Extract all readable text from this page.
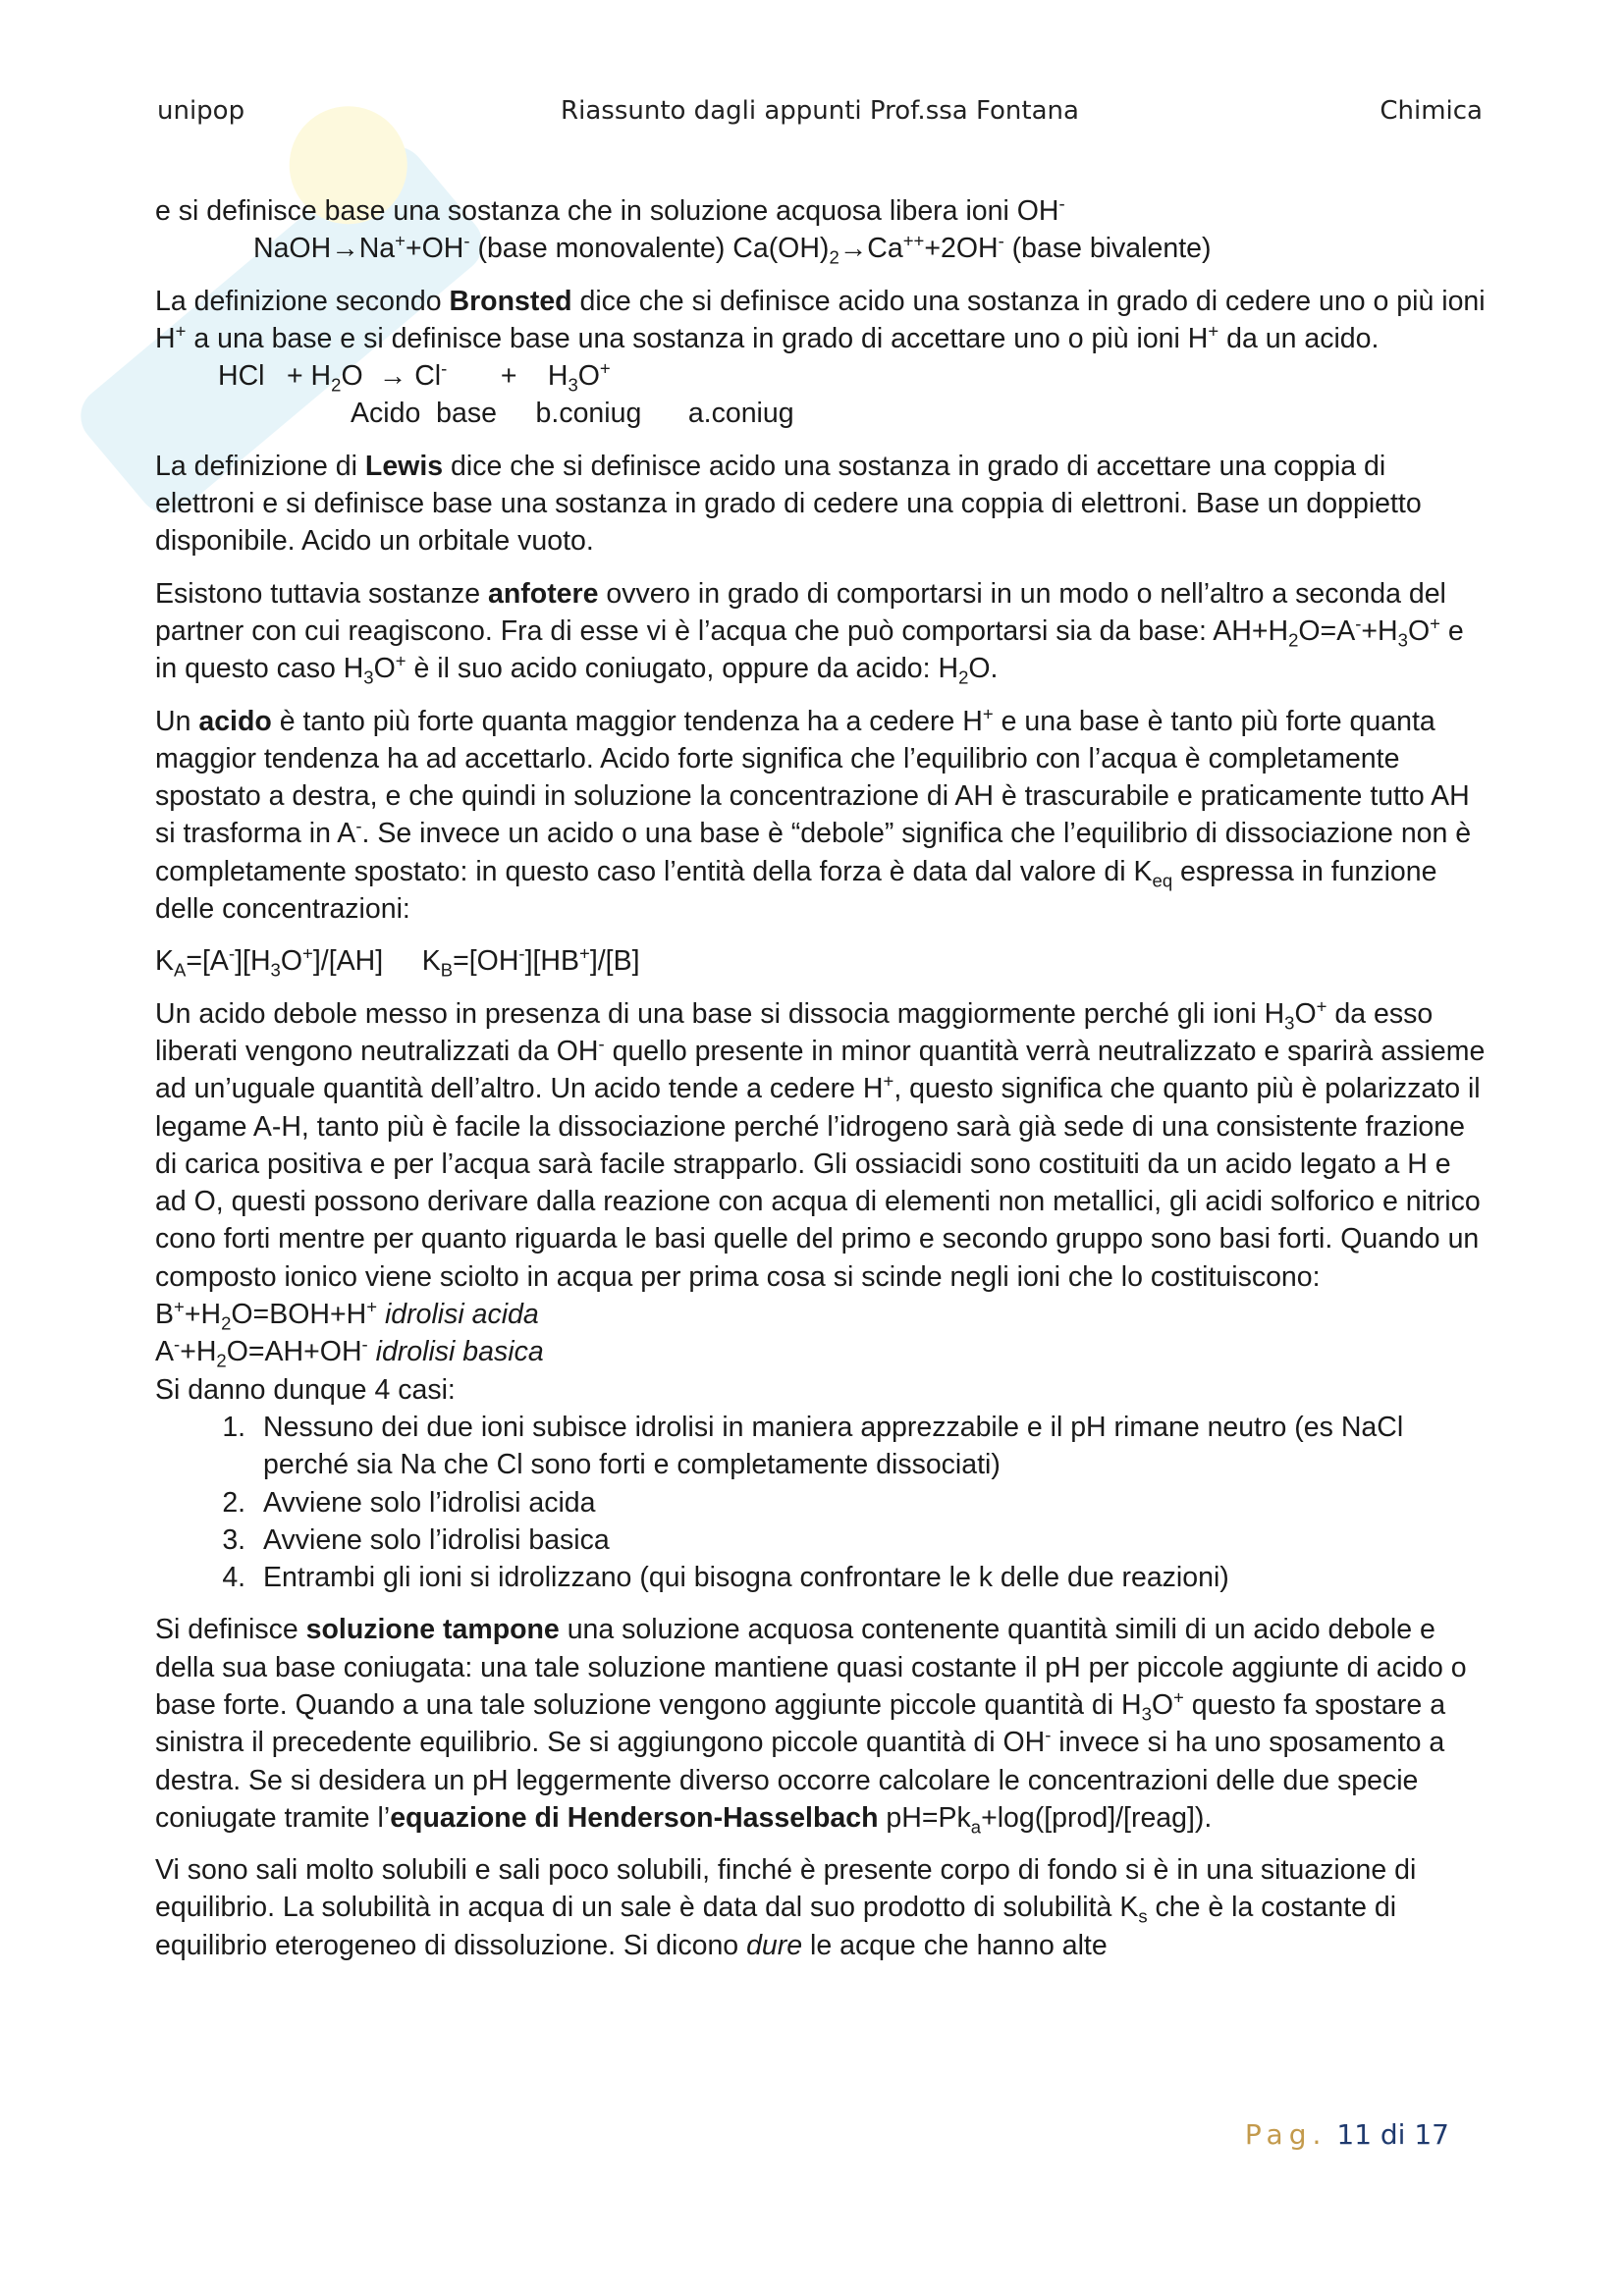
unipop	Riassunto dagli appunti Prof.ssa Fontana	Chimica

e si definisce base una sostanza che in soluzione acquosa libera ioni OH-

NaOH→Na++OH- (base monovalente) $Ca(OH)_2\to Ca^{++}+2OH^-$ (base bivalente)

La definizione secondo Bronsted dice che si definisce acido una sostanza in grado di cedere uno o più ioni H+ a una base e si definisce base una sostanza in grado di accettare uno o più ioni H+ da un acido.
HCl + $H_2O \to Cl^- + H_3O^+$

Acido base b.coniug a.coniug

La definizione di Lewis dice che si definisce acido una sostanza in grado di accettare una coppia di elettroni e si definisce base una sostanza in grado di cedere una coppia di elettroni. Base un doppietto disponibile. Acido un orbitale vuoto.

Esistono tuttavia sostanze anfotere ovvero in grado di comportarsi in un modo o nell’altro a seconda del partner con cui reagiscono. Fra di esse vi è l’acqua che può comportarsi sia da base: $AH+H_2O=A^-+H_3O^+$ e in questo caso $H_3O^+$ è il suo acido coniugato, oppure da acido: $H_2O$.

Un acido è tanto più forte quanta maggior tendenza ha a cedere H+ e una base è tanto più forte quanta maggior tendenza ha ad accettarlo. Acido forte significa che l’equilibrio con l’acqua è completamente spostato a destra, e che quindi in soluzione la concentrazione di AH è trascurabile e praticamente tutto AH si trasforma in A-. Se invece un acido o una base è “debole” significa che l’equilibrio di dissociazione non è completamente spostato: in questo caso l’entità della forza è data dal valore di $K_{eq}$ espressa in funzione delle concentrazioni:

$K_A=[A^-][H_3O^+]/[AH]$ $K_B=[OH^-][HB^+]/[B]$

Un acido debole messo in presenza di una base si dissocia maggiormente perché gli ioni $H_3O^+$ da esso liberati vengono neutralizzati da OH- quello presente in minor quantità verrà neutralizzato e sparirà assieme ad un’uguale quantità dell’altro. Un acido tende a cedere H+, questo significa che quanto più è polarizzato il legame A-H, tanto più è facile la dissociazione perché l’idrogeno sarà già sede di una consistente frazione di carica positiva e per l’acqua sarà facile strapparlo. Gli ossiacidi sono costituiti da un acido legato a H e ad O, questi possono derivare dalla reazione con acqua di elementi non metallici, gli acidi solforico e nitrico cono forti mentre per quanto riguarda le basi quelle del primo e secondo gruppo sono basi forti. Quando un composto ionico viene sciolto in acqua per prima cosa si scinde negli ioni che lo costituiscono:

$B^++H_2O=BOH+H^+$ idrolisi acida

$A^-+H_2O=AH+OH^-$ idrolisi basica

Si danno dunque 4 casi:

1. Nessuno dei due ioni subisce idrolisi in maniera apprezzabile e il pH rimane neutro (es NaCl perché sia Na che Cl sono forti e completamente dissociati)
2. Avviene solo l’idrolisi acida
3. Avviene solo l’idrolisi basica
4. Entrambi gli ioni si idrolizzano (qui bisogna confrontare le k delle due reazioni)

Si definisce soluzione tampone una soluzione acquosa contenente quantità simili di un acido debole e della sua base coniugata: una tale soluzione mantiene quasi costante il pH per piccole aggiunte di acido o base forte. Quando a una tale soluzione vengono aggiunte piccole quantità di $H_3O^+$ questo fa spostare a sinistra il precedente equilibrio. Se si aggiungono piccole quantità di OH- invece si ha uno sposamento a destra. Se si desidera un pH leggermente diverso occorre calcolare le concentrazioni delle due specie coniugate tramite l’equazione di Henderson-Hasselbach $pH=Pk_a+\log([prod]/[reag])$.

Vi sono sali molto solubili e sali poco solubili, finché è presente corpo di fondo si è in una situazione di equilibrio. La solubilità in acqua di un sale è data dal suo prodotto di solubilità $K_s$ che è la costante di equilibrio eterogeneo di dissoluzione. Si dicono dure le acque che hanno alte

Pag. 11 di 17
